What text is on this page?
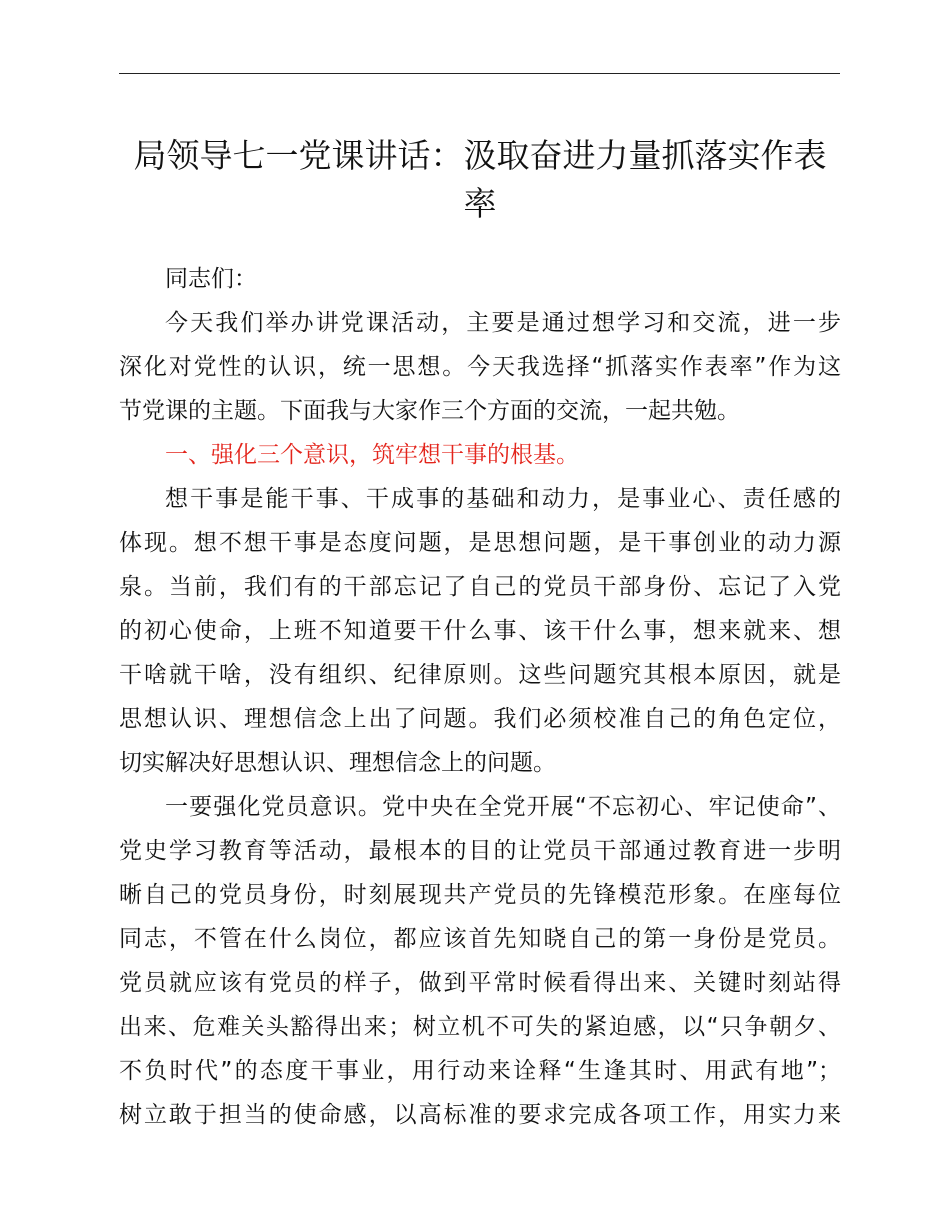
局领导七一党课讲话：汲取奋进力量抓落实作表
率
同志们：
今天我们举办讲党课活动，主要是通过想学习和交流，进一步
深化对党性的认识，统一思想。今天我选择“抓落实作表率”作为这
节党课的主题。下面我与大家作三个方面的交流，一起共勉。
一、强化三个意识，筑牢想干事的根基。
想干事是能干事、干成事的基础和动力，是事业心、责任感的
体现。想不想干事是态度问题，是思想问题，是干事创业的动力源
泉。当前，我们有的干部忘记了自己的党员干部身份、忘记了入党
的初心使命，上班不知道要干什么事、该干什么事，想来就来、想
干啥就干啥，没有组织、纪律原则。这些问题究其根本原因，就是
思想认识、理想信念上出了问题。我们必须校准自己的角色定位，
切实解决好思想认识、理想信念上的问题。
一要强化党员意识。党中央在全党开展“不忘初心、牢记使命”、
党史学习教育等活动，最根本的目的让党员干部通过教育进一步明
晰自己的党员身份，时刻展现共产党员的先锋模范形象。在座每位
同志，不管在什么岗位，都应该首先知晓自己的第一身份是党员。
党员就应该有党员的样子，做到平常时候看得出来、关键时刻站得
出来、危难关头豁得出来；树立机不可失的紧迫感，以“只争朝夕、
不负时代”的态度干事业，用行动来诠释“生逢其时、用武有地”；
树立敢于担当的使命感，以高标准的要求完成各项工作，用实力来
